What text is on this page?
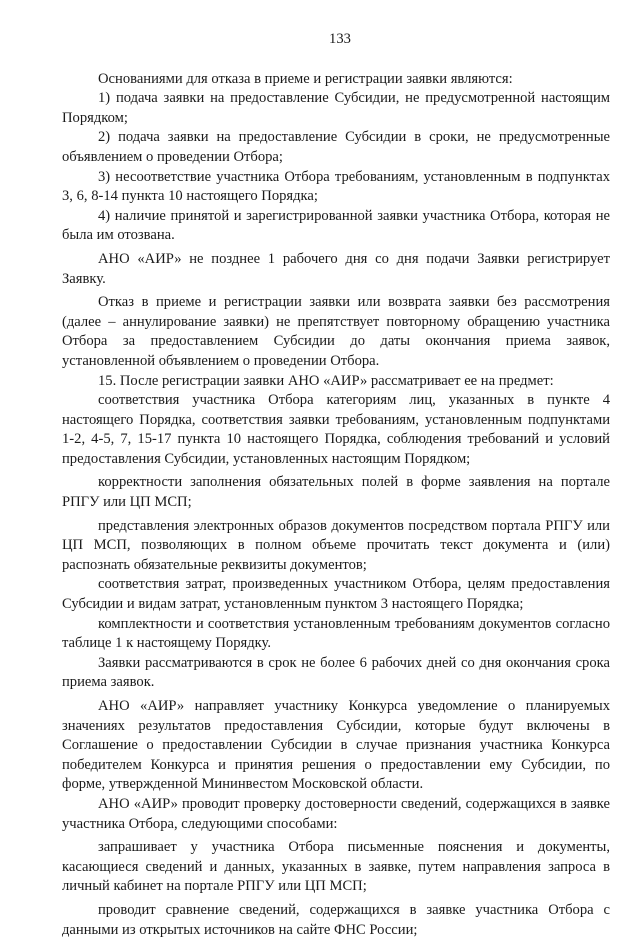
133

Основаниями для отказа в приеме и регистрации заявки являются:

1) подача заявки на предоставление Субсидии, не предусмотренной настоящим Порядком;

2) подача заявки на предоставление Субсидии в сроки, не предусмотренные объявлением о проведении Отбора;

3) несоответствие участника Отбора требованиям, установленным в подпунктах 3, 6, 8-14 пункта 10 настоящего Порядка;

4) наличие принятой и зарегистрированной заявки участника Отбора, которая не была им отозвана.

АНО «АИР» не позднее 1 рабочего дня со дня подачи Заявки регистрирует Заявку.

Отказ в приеме и регистрации заявки или возврата заявки без рассмотрения (далее – аннулирование заявки) не препятствует повторному обращению участника Отбора за предоставлением Субсидии до даты окончания приема заявок, установленной объявлением о проведении Отбора.

15. После регистрации заявки АНО «АИР» рассматривает ее на предмет:

соответствия участника Отбора категориям лиц, указанных в пункте 4 настоящего Порядка, соответствия заявки требованиям, установленным подпунктами 1-2, 4-5, 7, 15-17 пункта 10 настоящего Порядка, соблюдения требований и условий предоставления Субсидии, установленных настоящим Порядком;

корректности заполнения обязательных полей в форме заявления на портале РПГУ или ЦП МСП;

представления электронных образов документов посредством портала РПГУ или ЦП МСП, позволяющих в полном объеме прочитать текст документа и (или) распознать обязательные реквизиты документов;

соответствия затрат, произведенных участником Отбора, целям предоставления Субсидии и видам затрат, установленным пунктом 3 настоящего Порядка;

комплектности и соответствия установленным требованиям документов согласно таблице 1 к настоящему Порядку.

Заявки рассматриваются в срок не более 6 рабочих дней со дня окончания срока приема заявок.

АНО «АИР» направляет участнику Конкурса уведомление о планируемых значениях результатов предоставления Субсидии, которые будут включены в Соглашение о предоставлении Субсидии в случае признания участника Конкурса победителем Конкурса и принятия решения о предоставлении ему Субсидии, по форме, утвержденной Мининвестом Московской области.

АНО «АИР» проводит проверку достоверности сведений, содержащихся в заявке участника Отбора, следующими способами:

запрашивает у участника Отбора письменные пояснения и документы, касающиеся сведений и данных, указанных в заявке, путем направления запроса в личный кабинет на портале РПГУ или ЦП МСП;

проводит сравнение сведений, содержащихся в заявке участника Отбора с данными из открытых источников на сайте ФНС России;
